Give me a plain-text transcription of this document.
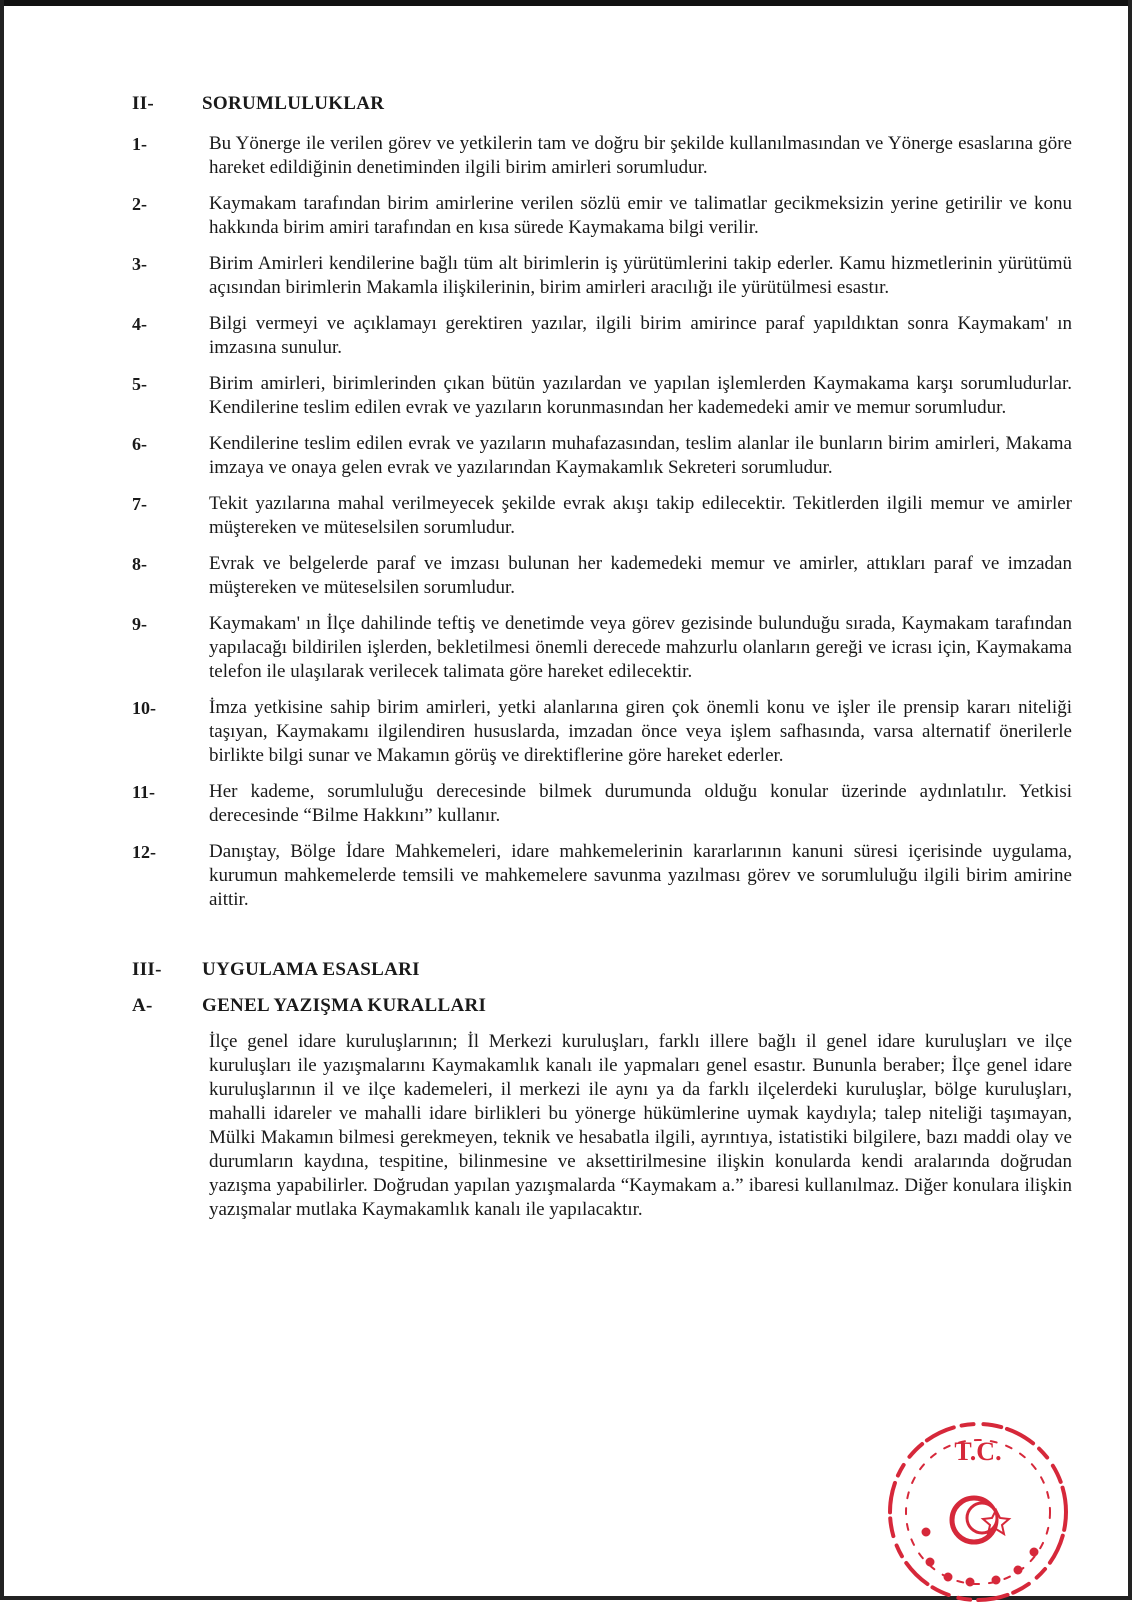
II-	SORUMLULUKLAR
1-	Bu Yönerge ile verilen görev ve yetkilerin tam ve doğru bir şekilde kullanılmasından ve Yönerge esaslarına göre hareket edildiğinin denetiminden ilgili birim amirleri sorumludur.
2-	Kaymakam tarafından birim amirlerine verilen sözlü emir ve talimatlar gecikmeksizin yerine getirilir ve konu hakkında birim amiri tarafından en kısa sürede Kaymakama bilgi verilir.
3-	Birim Amirleri kendilerine bağlı tüm alt birimlerin iş yürütümlerini takip ederler. Kamu hizmetlerinin yürütümü açısından birimlerin Makamla ilişkilerinin, birim amirleri aracılığı ile yürütülmesi esastır.
4-	Bilgi vermeyi ve açıklamayı gerektiren yazılar, ilgili birim amirince paraf yapıldıktan sonra Kaymakam' ın imzasına sunulur.
5-	Birim amirleri, birimlerinden çıkan bütün yazılardan ve yapılan işlemlerden Kaymakama karşı sorumludurlar. Kendilerine teslim edilen evrak ve yazıların korunmasından her kademedeki amir ve memur sorumludur.
6-	Kendilerine teslim edilen evrak ve yazıların muhafazasından, teslim alanlar ile bunların birim amirleri, Makama imzaya ve onaya gelen evrak ve yazılarından Kaymakamlık Sekreteri sorumludur.
7-	Tekit yazılarına mahal verilmeyecek şekilde evrak akışı takip edilecektir. Tekitlerden ilgili memur ve amirler müştereken ve müteselsilen sorumludur.
8-	Evrak ve belgelerde paraf ve imzası bulunan her kademedeki memur ve amirler, attıkları paraf ve imzadan müştereken ve müteselsilen sorumludur.
9-	Kaymakam' ın İlçe dahilinde teftiş ve denetimde veya görev gezisinde bulunduğu sırada, Kaymakam tarafından yapılacağı bildirilen işlerden, bekletilmesi önemli derecede mahzurlu olanların gereği ve icrası için, Kaymakama telefon ile ulaşılarak verilecek talimata göre hareket edilecektir.
10-	İmza yetkisine sahip birim amirleri, yetki alanlarına giren çok önemli konu ve işler ile prensip kararı niteliği taşıyan, Kaymakamı ilgilendiren hususlarda, imzadan önce veya işlem safhasında, varsa alternatif önerilerle birlikte bilgi sunar ve Makamın görüş ve direktiflerine göre hareket ederler.
11-	Her kademe, sorumluluğu derecesinde bilmek durumunda olduğu konular üzerinde aydınlatılır. Yetkisi derecesinde “Bilme Hakkını” kullanır.
12-	Danıştay, Bölge İdare Mahkemeleri, idare mahkemelerinin kararlarının kanuni süresi içerisinde uygulama, kurumun mahkemelerde temsili ve mahkemelere savunma yazılması görev ve sorumluluğu ilgili birim amirine aittir.
III-	UYGULAMA ESASLARI
A-	GENEL YAZIŞMA KURALLARI
İlçe genel idare kuruluşlarının; İl Merkezi kuruluşları, farklı illere bağlı il genel idare kuruluşları ve ilçe kuruluşları ile yazışmalarını Kaymakamlık kanalı ile yapmaları genel esastır. Bununla beraber; İlçe genel idare kuruluşlarının il ve ilçe kademeleri, il merkezi ile aynı ya da farklı ilçelerdeki kuruluşlar, bölge kuruluşları, mahalli idareler ve mahalli idare birlikleri bu yönerge hükümlerine uymak kaydıyla; talep niteliği taşımayan, Mülki Makamın bilmesi gerekmeyen, teknik ve hesabatla ilgili, ayrıntıya, istatistiki bilgilere, bazı maddi olay ve durumların kaydına, tespitine, bilinmesine ve aksettirilmesine ilişkin konularda kendi aralarında doğrudan yazışma yapabilirler. Doğrudan yapılan yazışmalarda “Kaymakam a.” ibaresi kullanılmaz. Diğer konulara ilişkin yazışmalar mutlaka Kaymakamlık kanalı ile yapılacaktır.
T.C.
